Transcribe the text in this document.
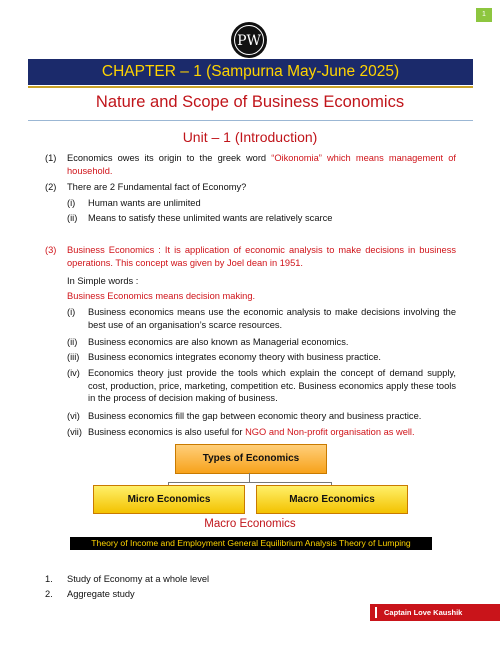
1
PW
CHAPTER – 1 (Sampurna May-June 2025)
Nature and Scope of Business Economics
Unit – 1 (Introduction)
(1) Economics owes its origin to the greek word “Oikonomia” which means management of household.
(2) There are 2 Fundamental fact of Economy?
(i) Human wants are unlimited
(ii) Means to satisfy these unlimited wants are relatively scarce
(3) Business Economics : It is application of economic analysis to make decisions in business operations. This concept was given by Joel dean in 1951.
In Simple words :
Business Economics means decision making.
(i) Business economics means use the economic analysis to make decisions involving the best use of an organisation’s scarce resources.
(ii) Business economics are also known as Managerial economics.
(iii) Business economics integrates economy theory with business practice.
(iv) Economics theory just provide the tools which explain the concept of demand supply, cost, production, price, marketing, competition etc. Business economics apply these tools in the process of decision making of business.
(vi) Business economics fill the gap between economic theory and business practice.
(vii) Business economics is also useful for NGO and Non-profit organisation as well.
Types of Economics
Micro Economics	Macro Economics
Macro Economics
Theory of Income and Employment General Equilibrium Analysis Theory of Lumping
1. Study of Economy at a whole level
2. Aggregate study
Captain Love Kaushik
